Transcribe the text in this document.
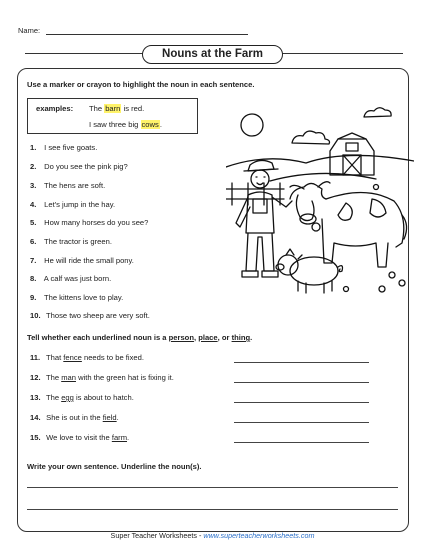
Name:
Nouns at the Farm
Use a marker or crayon to highlight the noun in each sentence.
examples: The barn is red.
I saw three big cows.
1. I see five goats.
2. Do you see the pink pig?
3. The hens are soft.
4. Let's jump in the hay.
5. How many horses do you see?
6. The tractor is green.
7. He will ride the small pony.
8. A calf was just born.
9. The kittens love to play.
10. Those two sheep are very soft.
Tell whether each underlined noun is a person, place, or thing.
11. That fence needs to be fixed.
12. The man with the green hat is fixing it.
13. The egg is about to hatch.
14. She is out in the field.
15. We love to visit the farm.
Write your own sentence. Underline the noun(s).
Super Teacher Worksheets - www.superteacherworksheets.com
